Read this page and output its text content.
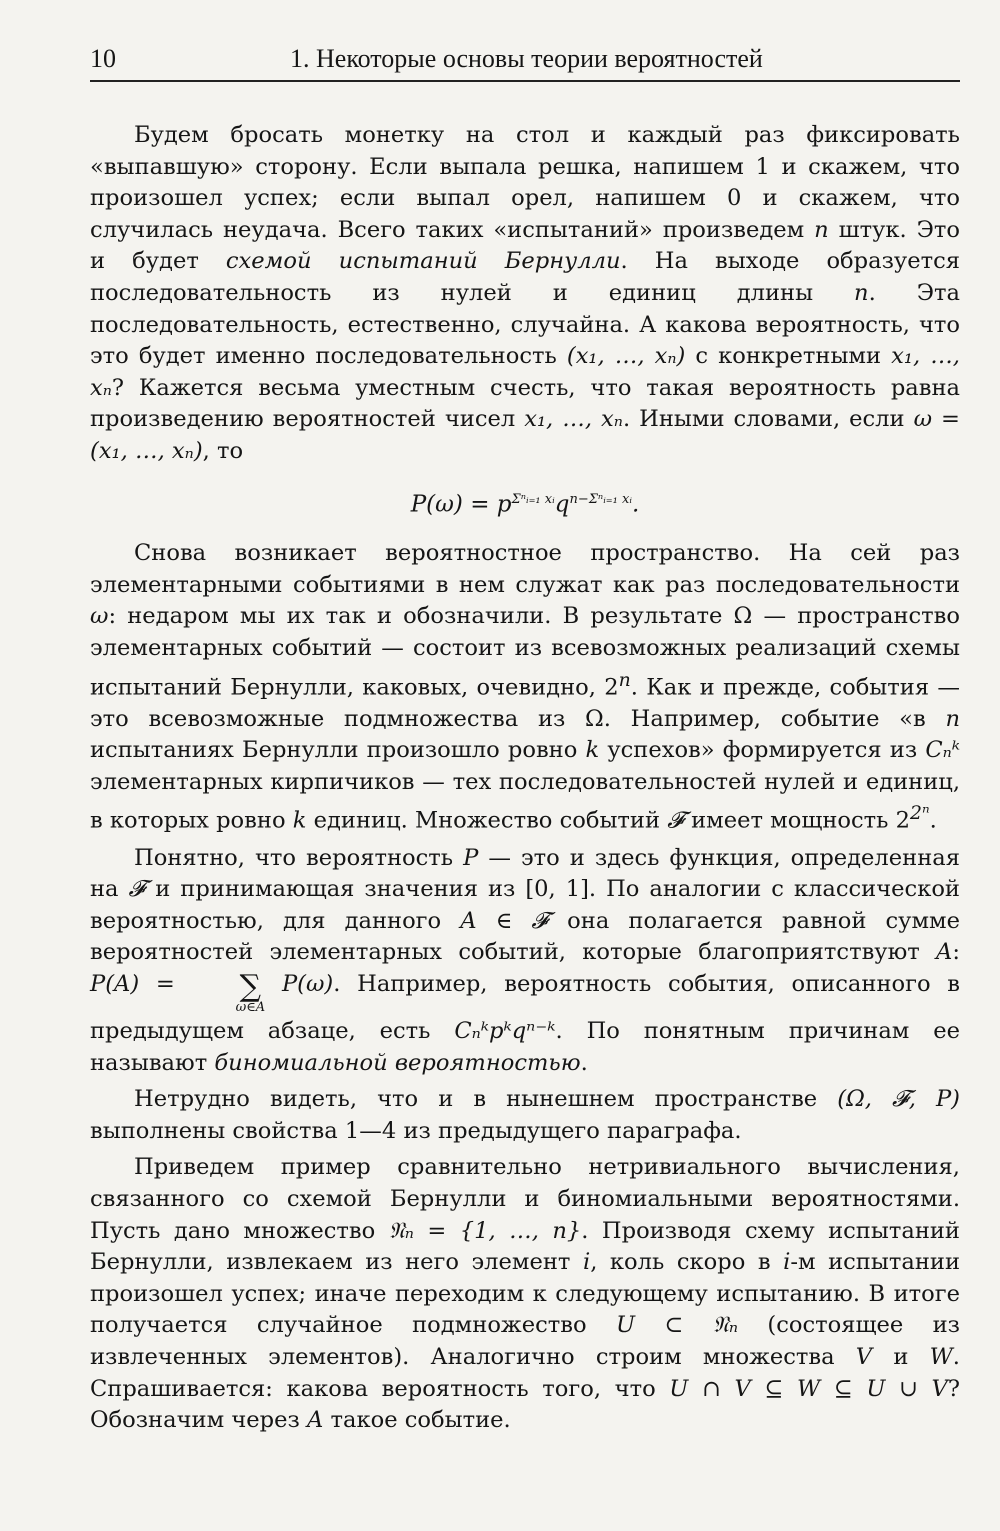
10	1. Некоторые основы теории вероятностей

Будем бросать монетку на стол и каждый раз фиксировать «выпавшую» сторону. Если выпала решка, напишем 1 и скажем, что произошел успех; если выпал орел, напишем 0 и скажем, что случилась неудача. Всего таких «испытаний» произведем n штук. Это и будет схемой испытаний Бернулли. На выходе образуется последовательность из нулей и единиц длины n. Эта последовательность, естественно, случайна. А какова вероятность, что это будет именно последовательность (x₁, …, xₙ) с конкретными x₁, …, xₙ? Кажется весьма уместным счесть, что такая вероятность равна произведению вероятностей чисел x₁, …, xₙ. Иными словами, если ω = (x₁, …, xₙ), то

$P(\omega) = p^{\Sigma^nᵢ_{=1} xᵢ}q^{n-\Sigma^nᵢ_{=1} xᵢ}$.

Снова возникает вероятностное пространство. На сей раз элементарными событиями в нем служат как раз последовательности ω: недаром мы их так и обозначили. В результате Ω — пространство элементарных событий — состоит из всевозможных реализаций схемы испытаний Бернулли, каковых, очевидно, 2$^n$. Как и прежде, события — это всевозможные подмножества из Ω. Например, событие «в n испытаниях Бернулли произошло ровно k успехов» формируется из Cₙᵏ элементарных кирпичиков — тех последовательностей нулей и единиц, в которых ровно k единиц. Множество событий 𝓕 имеет мощность $2^{2^n}$.

Понятно, что вероятность P — это и здесь функция, определенная на 𝓕 и принимающая значения из [0, 1]. По аналогии с классической вероятностью, для данного A ∈ 𝓕 она полагается равной сумме вероятностей элементарных событий, которые благоприятствуют A: P(A) =	∑
ω∈A
P(ω). Например, вероятность события, описанного в предыдущем абзаце, есть Cₙᵏpᵏqⁿ⁻ᵏ. По понятным причинам ее называют биномиальной вероятностью.

Нетрудно видеть, что и в нынешнем пространстве (Ω, 𝓕, P) выполнены свойства 1—4 из предыдущего параграфа.

Приведем пример сравнительно нетривиального вычисления, связанного со схемой Бернулли и биномиальными вероятностями. Пусть дано множество 𝔑ₙ = {1, …, n}. Производя схему испытаний Бернулли, извлекаем из него элемент i, коль скоро в i-м испытании произошел успех; иначе переходим к следующему испытанию. В итоге получается случайное подмножество U ⊂ 𝔑ₙ (состоящее из извлеченных элементов). Аналогично строим множества V и W. Спрашивается: какова вероятность того, что U ∩ V ⊆ W ⊆ U ∪ V? Обозначим через A такое событие.
